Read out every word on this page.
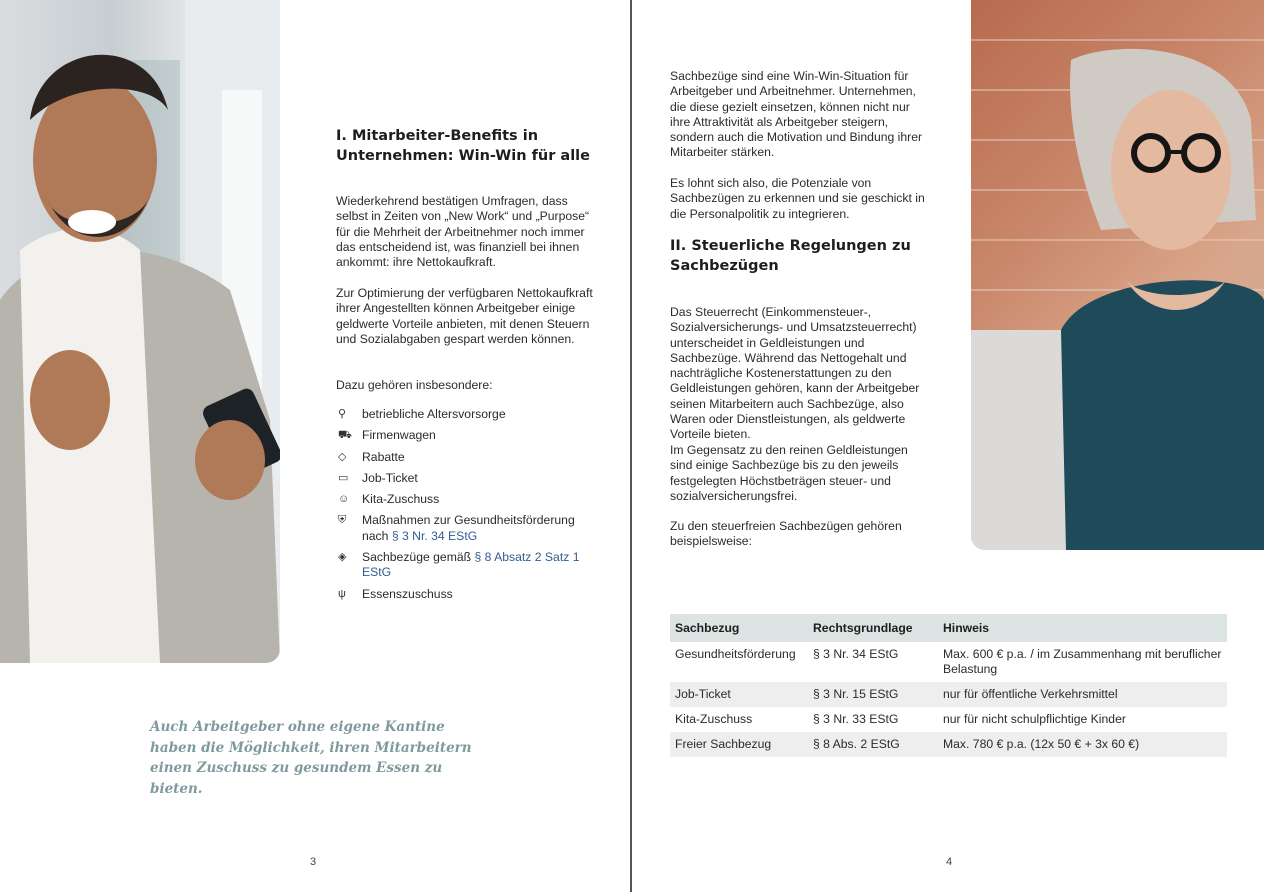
I. Mitarbeiter-Benefits in Unternehmen: Win-Win für alle

Wiederkehrend bestätigen Umfragen, dass selbst in Zeiten von „New Work“ und „Purpose“ für die Mehrheit der Arbeitnehmer noch immer das entscheidend ist, was finanziell bei ihnen ankommt: ihre Nettokaufkraft.

Zur Optimierung der verfügbaren Nettokaufkraft ihrer Angestellten können Arbeitgeber einige geldwerte Vorteile anbieten, mit denen Steuern und Sozialabgaben gespart werden können.

Dazu gehören insbesondere:

⚲	betriebliche Altersvorsorge
⛟ Firmenwagen
◇	Rabatte
▭	Job-Ticket
☺	Kita-Zuschuss
⛨	Maßnahmen zur Gesundheitsförderung nach § 3 Nr. 34 EStG
◈	Sachbezüge gemäß § 8 Absatz 2 Satz 1 EStG
ψ	Essenszuschuss

Auch Arbeitgeber ohne eigene Kantine haben die Möglichkeit, ihren Mitarbeitern einen Zuschuss zu gesundem Essen zu bieten.

3

Sachbezüge sind eine Win-Win-Situation für Arbeitgeber und Arbeitnehmer. Unternehmen, die diese gezielt einsetzen, können nicht nur ihre Attraktivität als Arbeitgeber steigern, sondern auch die Motivation und Bindung ihrer Mitarbeiter stärken.

Es lohnt sich also, die Potenziale von Sachbezügen zu erkennen und sie geschickt in die Personalpolitik zu integrieren.

II. Steuerliche Regelungen zu Sachbezügen

Das Steuerrecht (Einkommensteuer-, Sozialversicherungs- und Umsatzsteuerrecht) unterscheidet in Geldleistungen und Sachbezüge. Während das Nettogehalt und nachträgliche Kostenerstattungen zu den Geldleistungen gehören, kann der Arbeitgeber seinen Mitarbeitern auch Sachbezüge, also Waren oder Dienstleistungen, als geldwerte Vorteile bieten.

Im Gegensatz zu den reinen Geldleistungen sind einige Sachbezüge bis zu den jeweils festgelegten Höchstbeträgen steuer- und sozialversicherungsfrei.

Zu den steuerfreien Sachbezügen gehören beispielsweise:

Sachbezug	Rechtsgrundlage	Hinweis
Gesundheitsförderung	§ 3 Nr. 34 EStG	Max. 600 € p.a. / im Zusammenhang mit beruflicher Belastung
Job-Ticket	§ 3 Nr. 15 EStG	nur für öffentliche Verkehrsmittel
Kita-Zuschuss	§ 3 Nr. 33 EStG	nur für nicht schulpflichtige Kinder
Freier Sachbezug	§ 8 Abs. 2 EStG	Max. 780 € p.a. (12x 50 € + 3x 60 €)
4
